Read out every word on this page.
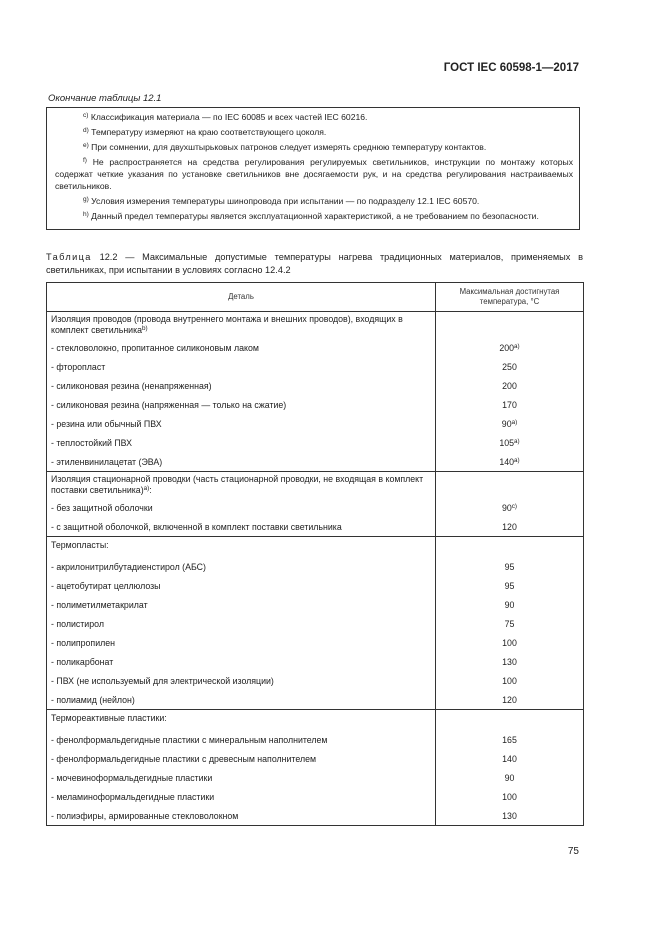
ГОСТ IEC 60598-1—2017
Окончание таблицы 12.1

$^{c)}$ Классификация материала — по IEC 60085 и всех частей IEC 60216.

$^{d)}$ Температуру измеряют на краю соответствующего цоколя.

$^{e)}$ При сомнении, для двухштырьковых патронов следует измерять среднюю температуру контактов.

$^{f)}$ Не распространяется на средства регулирования регулируемых светильников, инструкции по монтажу которых содержат четкие указания по установке светильников вне досягаемости рук, и на средства регулирования настраиваемых светильников.

$^{g)}$ Условия измерения температуры шинопровода при испытании — по подразделу 12.1 IEC 60570.

$^{h)}$ Данный предел температуры является эксплуатационной характеристикой, а не требованием по безопасности.

Таблица 12.2 — Максимальные допустимые температуры нагрева традиционных материалов, применяемых в светильниках, при испытании в условиях согласно 12.4.2
Деталь	Максимальная достигнутая температура, °С
Изоляция проводов (провода внутреннего монтажа и внешних проводов), входящих в комплект светильника$^{b)}$	
- стекловолокно, пропитанное силиконовым лаком	200$^{a)}$
- фторопласт	250
- силиконовая резина (ненапряженная)	200
- силиконовая резина (напряженная — только на сжатие)	170
- резина или обычный ПВХ	90$^{a)}$
- теплостойкий ПВХ	105$^{a)}$
- этиленвинилацетат (ЭВА)	140$^{a)}$
Изоляция стационарной проводки (часть стационарной проводки, не входящая в комплект поставки светильника)$^{a)}$:	
- без защитной оболочки	90$^{c)}$
- с защитной оболочкой, включенной в комплект поставки светильника	120
Термопласты:	
- акрилонитрилбутадиенстирол (АБС)	95
- ацетобутират целлюлозы	95
- полиметилметакрилат	90
- полистирол	75
- полипропилен	100
- поликарбонат	130
- ПВХ (не используемый для электрической изоляции)	100
- полиамид (нейлон)	120
Термореактивные пластики:	
- фенолформальдегидные пластики с минеральным наполнителем	165
- фенолформальдегидные пластики с древесным наполнителем	140
- мочевиноформальдегидные пластики	90
- меламиноформальдегидные пластики	100
- полиэфиры, армированные стекловолокном	130
75
